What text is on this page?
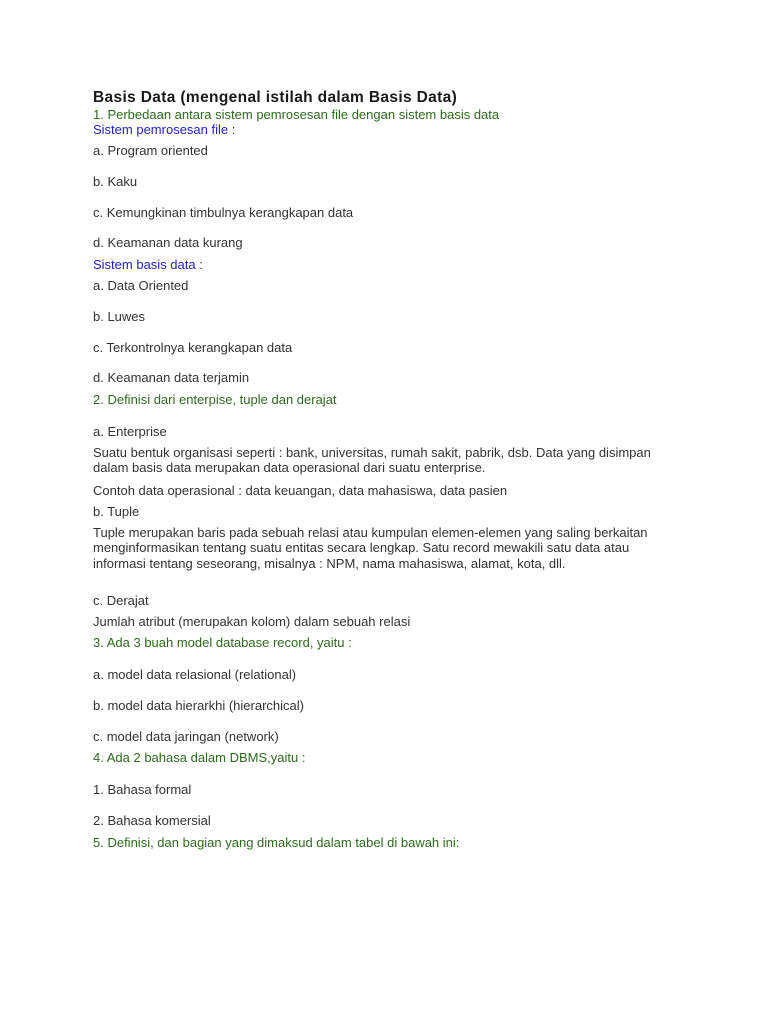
Basis Data (mengenal istilah dalam Basis Data)

1. Perbedaan antara sistem pemrosesan file dengan sistem basis data

Sistem pemrosesan file :

a. Program oriented

b. Kaku

c. Kemungkinan timbulnya kerangkapan data

d. Keamanan data kurang

Sistem basis data :

a. Data Oriented

b. Luwes

c. Terkontrolnya kerangkapan data

d. Keamanan data terjamin

2. Definisi dari enterpise, tuple dan derajat

a. Enterprise

Suatu bentuk organisasi seperti : bank, universitas, rumah sakit, pabrik, dsb. Data yang disimpan dalam basis data merupakan data operasional dari suatu enterprise.

Contoh data operasional : data keuangan, data mahasiswa, data pasien

b. Tuple

Tuple merupakan baris pada sebuah relasi atau kumpulan elemen-elemen yang saling berkaitan menginformasikan tentang suatu entitas secara lengkap. Satu record mewakili satu data atau informasi tentang seseorang, misalnya : NPM, nama mahasiswa, alamat, kota, dll.

c. Derajat

Jumlah atribut (merupakan kolom) dalam sebuah relasi

3. Ada 3 buah model database record, yaitu :

a. model data relasional (relational)

b. model data hierarkhi (hierarchical)

c. model data jaringan (network)

4. Ada 2 bahasa dalam DBMS,yaitu :

1. Bahasa formal

2. Bahasa komersial

5. Definisi, dan bagian yang dimaksud dalam tabel di bawah ini:
